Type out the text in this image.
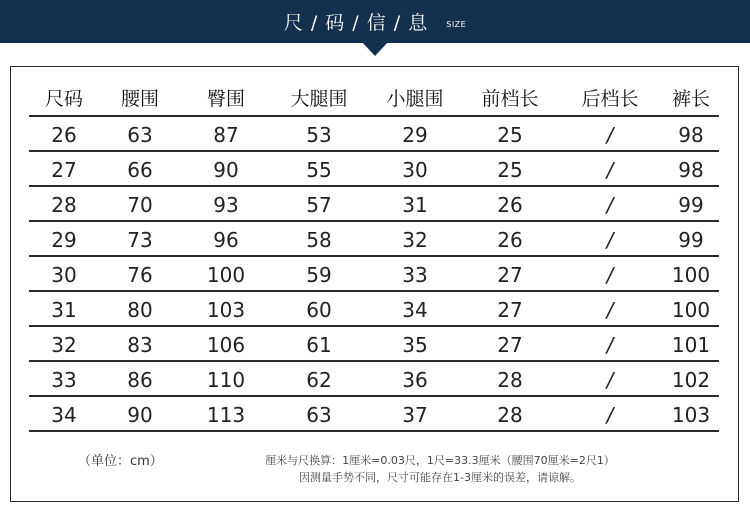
尺 / 码 / 信 / 息 SIZE
尺码	腰围	臀围	大腿围	小腿围	前档长	后档长	裤长
26	63	87	53	29	25	/	98
27	66	90	55	30	25	/	98
28	70	93	57	31	26	/	99
29	73	96	58	32	26	/	99
30	76	100	59	33	27	/	100
31	80	103	60	34	27	/	100
32	83	106	61	35	27	/	101
33	86	110	62	36	28	/	102
34	90	113	63	37	28	/	103
（单位：cm）	厘米与尺换算：1厘米=0.03尺，1尺=33.3厘米（腰围70厘米=2尺1）
因测量手势不同，尺寸可能存在1-3厘米的误差，请谅解。
